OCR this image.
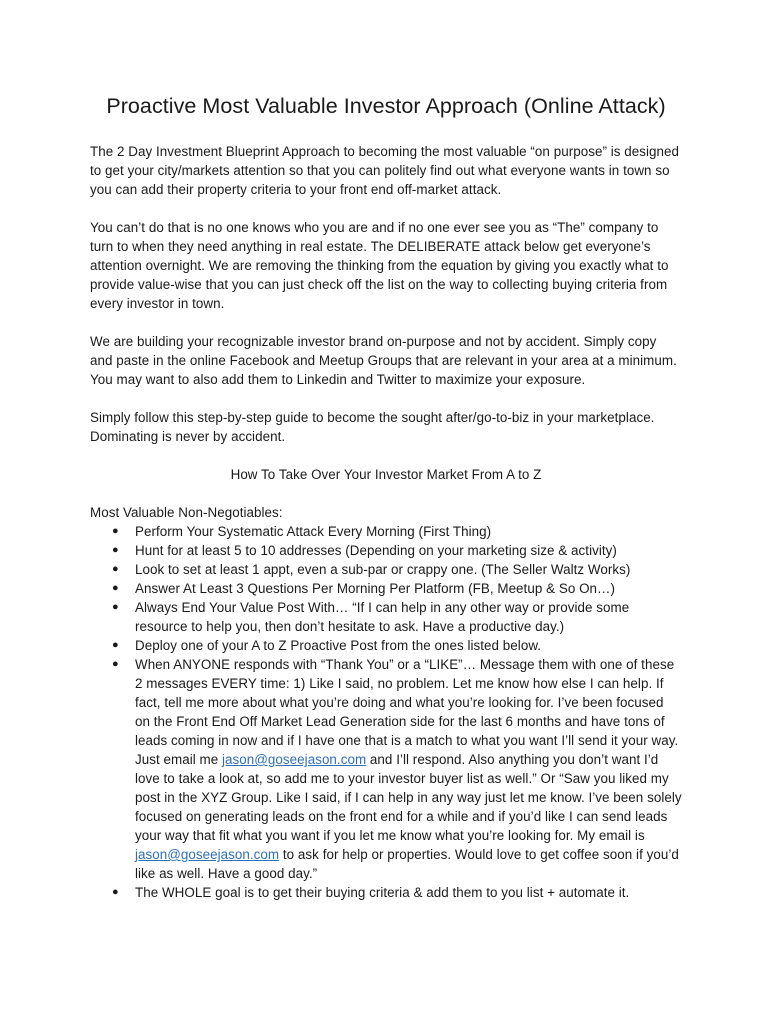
Proactive Most Valuable Investor Approach (Online Attack)

The 2 Day Investment Blueprint Approach to becoming the most valuable “on purpose” is designed to get your city/markets attention so that you can politely find out what everyone wants in town so you can add their property criteria to your front end off-market attack.

You can’t do that is no one knows who you are and if no one ever see you as “The” company to turn to when they need anything in real estate. The DELIBERATE attack below get everyone’s attention overnight. We are removing the thinking from the equation by giving you exactly what to provide value-wise that you can just check off the list on the way to collecting buying criteria from every investor in town.

We are building your recognizable investor brand on-purpose and not by accident. Simply copy and paste in the online Facebook and Meetup Groups that are relevant in your area at a minimum. You may want to also add them to Linkedin and Twitter to maximize your exposure.

Simply follow this step-by-step guide to become the sought after/go-to-biz in your marketplace. Dominating is never by accident.

How To Take Over Your Investor Market From A to Z
Most Valuable Non-Negotiables:
● Perform Your Systematic Attack Every Morning (First Thing)
● Hunt for at least 5 to 10 addresses (Depending on your marketing size & activity)
● Look to set at least 1 appt, even a sub-par or crappy one. (The Seller Waltz Works)
● Answer At Least 3 Questions Per Morning Per Platform (FB, Meetup & So On…)
● Always End Your Value Post With… “If I can help in any other way or provide some resource to help you, then don’t hesitate to ask. Have a productive day.)
● Deploy one of your A to Z Proactive Post from the ones listed below.
● When ANYONE responds with “Thank You” or a “LIKE”… Message them with one of these 2 messages EVERY time: 1) Like I said, no problem. Let me know how else I can help. If fact, tell me more about what you’re doing and what you’re looking for. I’ve been focused on the Front End Off Market Lead Generation side for the last 6 months and have tons of leads coming in now and if I have one that is a match to what you want I’ll send it your way. Just email me jason@goseejason.com and I’ll respond. Also anything you don’t want I’d love to take a look at, so add me to your investor buyer list as well.” Or “Saw you liked my post in the XYZ Group. Like I said, if I can help in any way just let me know. I’ve been solely focused on generating leads on the front end for a while and if you’d like I can send leads your way that fit what you want if you let me know what you’re looking for. My email is jason@goseejason.com to ask for help or properties. Would love to get coffee soon if you’d like as well. Have a good day.”
● The WHOLE goal is to get their buying criteria & add them to you list + automate it.
